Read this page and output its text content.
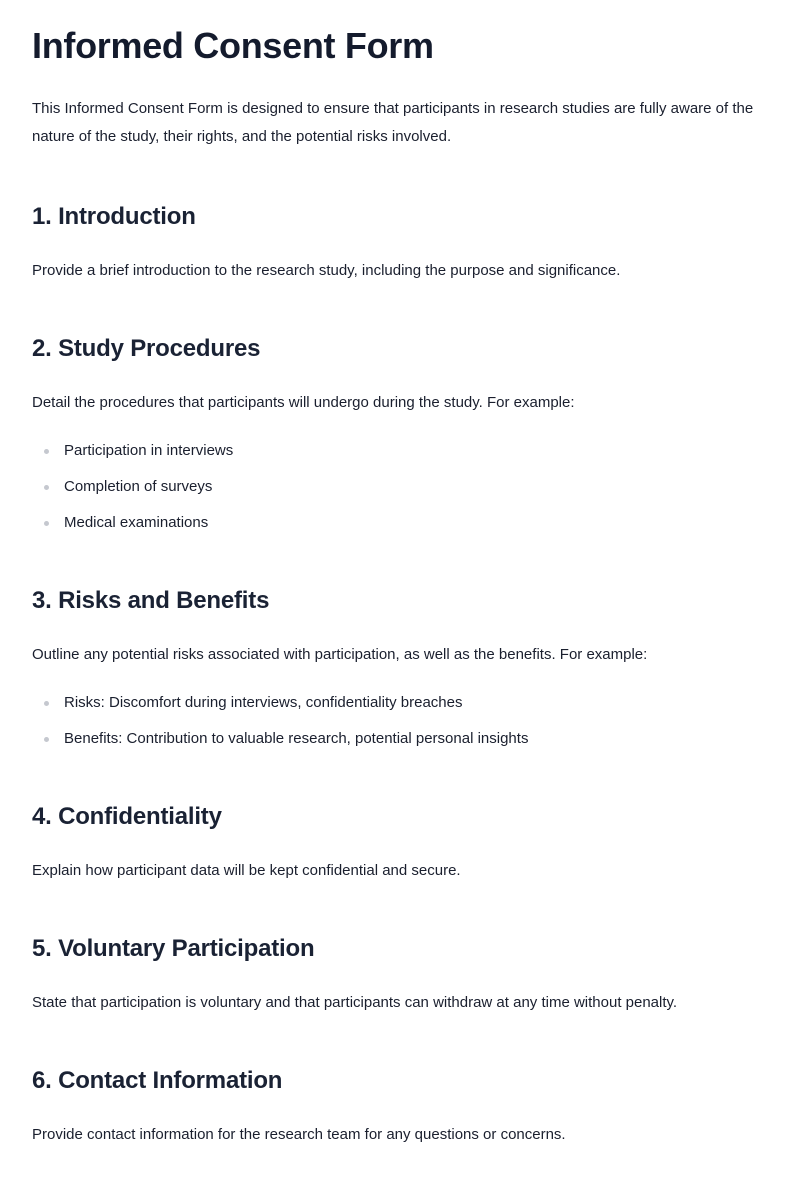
Informed Consent Form

This Informed Consent Form is designed to ensure that participants in research studies are fully aware of the nature of the study, their rights, and the potential risks involved.

1. Introduction

Provide a brief introduction to the research study, including the purpose and significance.

2. Study Procedures

Detail the procedures that participants will undergo during the study. For example:

Participation in interviews
Completion of surveys
Medical examinations
3. Risks and Benefits

Outline any potential risks associated with participation, as well as the benefits. For example:

Risks: Discomfort during interviews, confidentiality breaches
Benefits: Contribution to valuable research, potential personal insights
4. Confidentiality

Explain how participant data will be kept confidential and secure.

5. Voluntary Participation

State that participation is voluntary and that participants can withdraw at any time without penalty.

6. Contact Information

Provide contact information for the research team for any questions or concerns.
